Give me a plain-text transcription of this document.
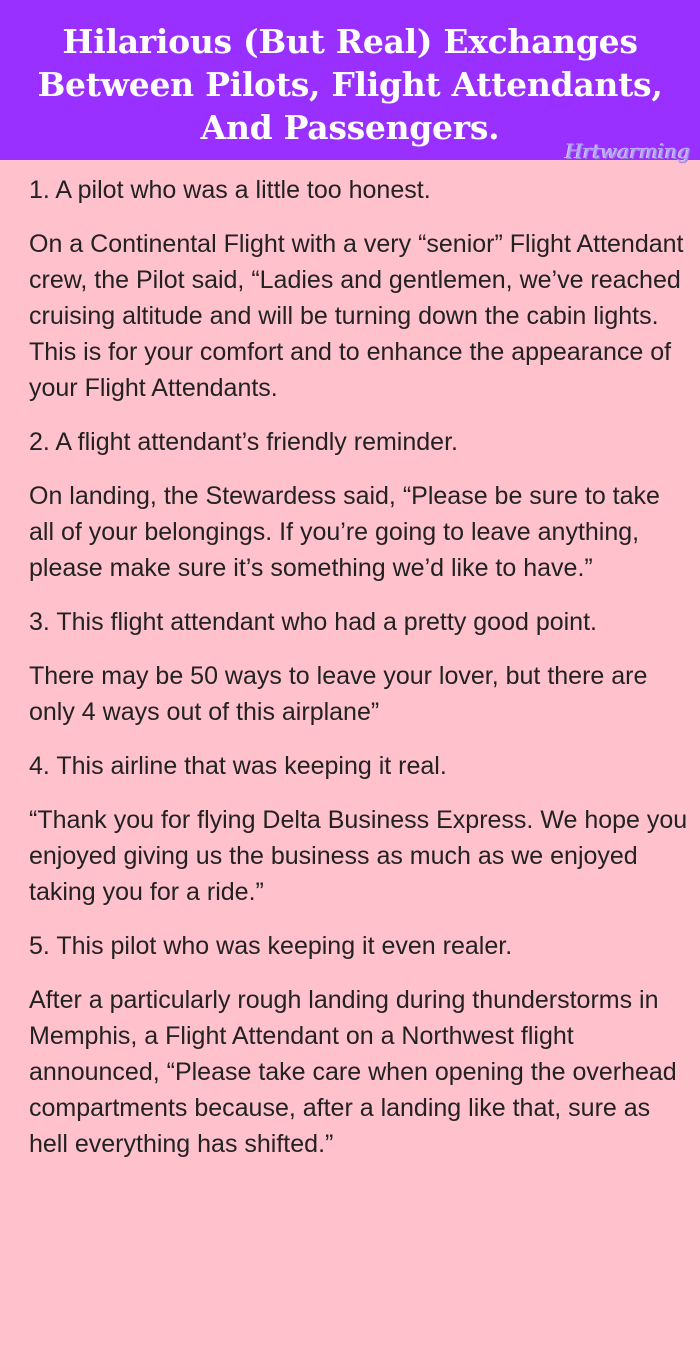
Hilarious (But Real) Exchanges
Between Pilots, Flight Attendants,
And Passengers.
Hrtwarming

1. A pilot who was a little too honest.

On a Continental Flight with a very “senior” Flight Attendant crew, the Pilot said, “Ladies and gentlemen, we’ve reached cruising altitude and will be turning down the cabin lights. This is for your comfort and to enhance the appearance of your Flight Attendants.

2. A flight attendant’s friendly reminder.

On landing, the Stewardess said, “Please be sure to take all of your belongings. If you’re going to leave anything, please make sure it’s something we’d like to have.”

3. This flight attendant who had a pretty good point.

There may be 50 ways to leave your lover, but there are only 4 ways out of this airplane”

4. This airline that was keeping it real.

“Thank you for flying Delta Business Express. We hope you enjoyed giving us the business as much as we enjoyed taking you for a ride.”

5. This pilot who was keeping it even realer.

After a particularly rough landing during thunderstorms in Memphis, a Flight Attendant on a Northwest flight announced, “Please take care when opening the overhead compartments because, after a landing like that, sure as hell everything has shifted.”
